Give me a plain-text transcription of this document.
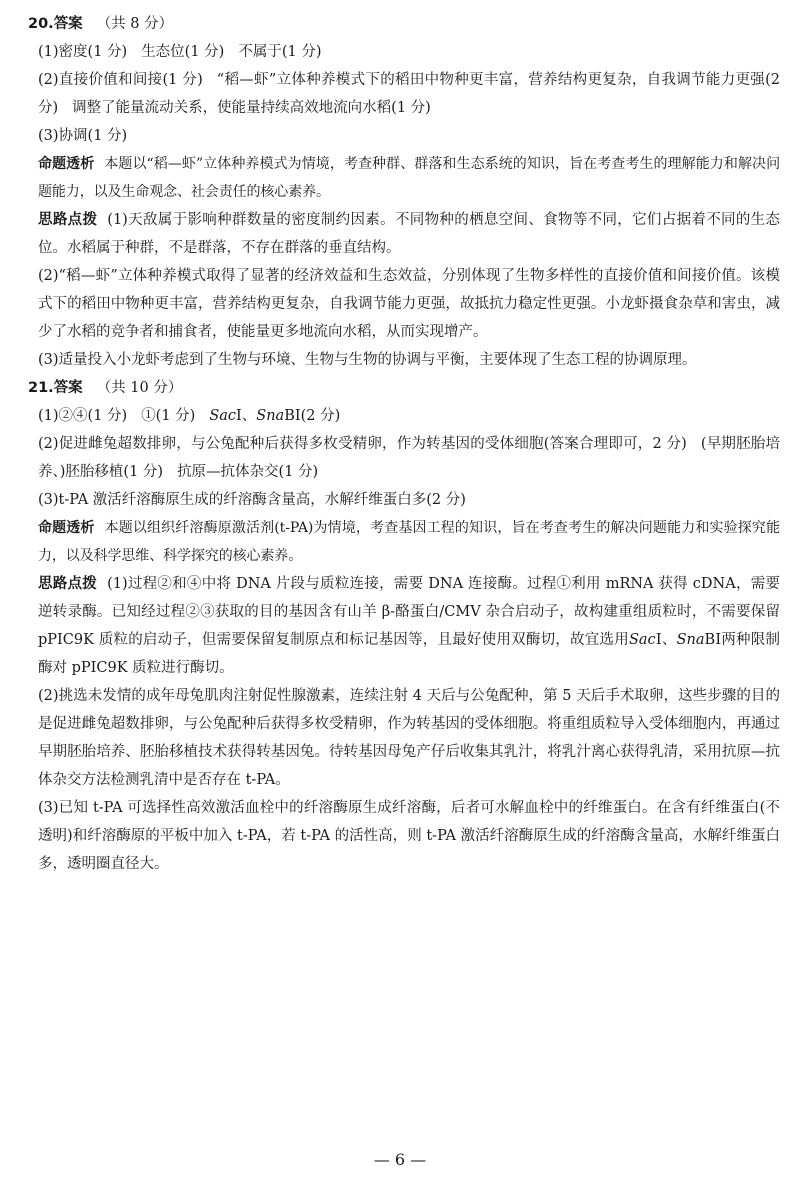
20.答案 （共 8 分）
(1)密度(1 分) 生态位(1 分) 不属于(1 分)
(2)直接价值和间接(1 分) “稻—虾”立体种养模式下的稻田中物种更丰富，营养结构更复杂，自我调节能力更强(2 分) 调整了能量流动关系，使能量持续高效地流向水稻(1 分)
(3)协调(1 分)
命题透析 本题以“稻—虾”立体种养模式为情境，考查种群、群落和生态系统的知识，旨在考查考生的理解能力和解决问题能力，以及生命观念、社会责任的核心素养。
思路点拨 (1)天敌属于影响种群数量的密度制约因素。不同物种的栖息空间、食物等不同，它们占据着不同的生态位。水稻属于种群，不是群落，不存在群落的垂直结构。
(2)“稻—虾”立体种养模式取得了显著的经济效益和生态效益，分别体现了生物多样性的直接价值和间接价值。该模式下的稻田中物种更丰富，营养结构更复杂，自我调节能力更强，故抵抗力稳定性更强。小龙虾摄食杂草和害虫，减少了水稻的竞争者和捕食者，使能量更多地流向水稻，从而实现增产。
(3)适量投入小龙虾考虑到了生物与环境、生物与生物的协调与平衡，主要体现了生态工程的协调原理。
21.答案 （共 10 分）
(1)②④(1 分) ①(1 分) SacⅠ、SnaBⅠ(2 分)
(2)促进雌兔超数排卵，与公兔配种后获得多枚受精卵，作为转基因的受体细胞(答案合理即可，2 分) (早期胚胎培养、)胚胎移植(1 分) 抗原—抗体杂交(1 分)
(3)t-PA 激活纤溶酶原生成的纤溶酶含量高，水解纤维蛋白多(2 分)
命题透析 本题以组织纤溶酶原激活剂(t-PA)为情境，考查基因工程的知识，旨在考查考生的解决问题能力和实验探究能力，以及科学思维、科学探究的核心素养。
思路点拨 (1)过程②和④中将 DNA 片段与质粒连接，需要 DNA 连接酶。过程①利用 mRNA 获得 cDNA，需要逆转录酶。已知经过程②③获取的目的基因含有山羊 β-酪蛋白/CMV 杂合启动子，故构建重组质粒时，不需要保留 pPIC9K 质粒的启动子，但需要保留复制原点和标记基因等，且最好使用双酶切，故宜选用SacⅠ、SnaBⅠ两种限制酶对 pPIC9K 质粒进行酶切。
(2)挑选未发情的成年母兔肌肉注射促性腺激素，连续注射 4 天后与公兔配种，第 5 天后手术取卵，这些步骤的目的是促进雌兔超数排卵，与公兔配种后获得多枚受精卵，作为转基因的受体细胞。将重组质粒导入受体细胞内，再通过早期胚胎培养、胚胎移植技术获得转基因兔。待转基因母兔产仔后收集其乳汁，将乳汁离心获得乳清，采用抗原—抗体杂交方法检测乳清中是否存在 t-PA。
(3)已知 t-PA 可选择性高效激活血栓中的纤溶酶原生成纤溶酶，后者可水解血栓中的纤维蛋白。在含有纤维蛋白(不透明)和纤溶酶原的平板中加入 t-PA，若 t-PA 的活性高，则 t-PA 激活纤溶酶原生成的纤溶酶含量高，水解纤维蛋白多，透明圈直径大。
— 6 —
